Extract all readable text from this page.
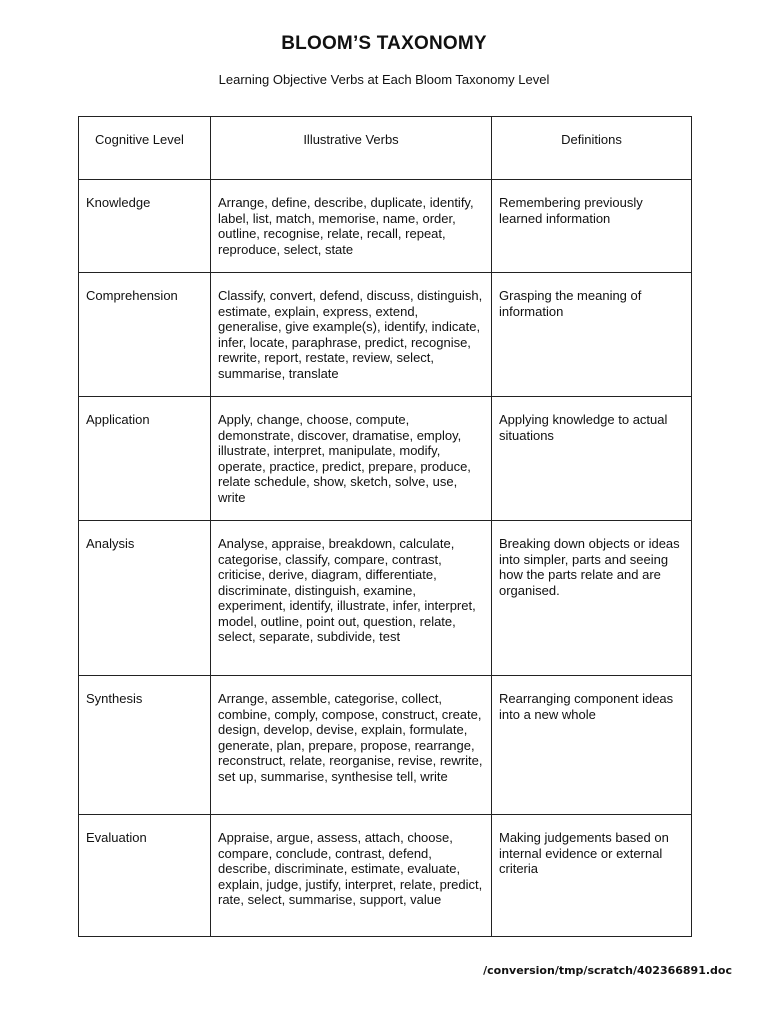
BLOOM’S TAXONOMY
Learning Objective Verbs at Each Bloom Taxonomy Level
Cognitive Level	Illustrative Verbs	Definitions
Knowledge	Arrange, define, describe, duplicate, identify, label, list, match, memorise, name, order, outline, recognise, relate, recall, repeat, reproduce, select, state	Remembering previously learned information
Comprehension	Classify, convert, defend, discuss, distinguish, estimate, explain, express, extend, generalise, give example(s), identify, indicate, infer, locate, paraphrase, predict, recognise, rewrite, report, restate, review, select, summarise, translate	Grasping the meaning of information
Application	Apply, change, choose, compute, demonstrate, discover, dramatise, employ, illustrate, interpret, manipulate, modify, operate, practice, predict, prepare, produce, relate schedule, show, sketch, solve, use, write	Applying knowledge to actual situations
Analysis	Analyse, appraise, breakdown, calculate, categorise, classify, compare, contrast, criticise, derive, diagram, differentiate, discriminate, distinguish, examine, experiment, identify, illustrate, infer, interpret, model, outline, point out, question, relate, select, separate, subdivide, test	Breaking down objects or ideas into simpler, parts and seeing how the parts relate and are organised.
Synthesis	Arrange, assemble, categorise, collect, combine, comply, compose, construct, create, design, develop, devise, explain, formulate, generate, plan, prepare, propose, rearrange, reconstruct, relate, reorganise, revise, rewrite, set up, summarise, synthesise tell, write	Rearranging component ideas into a new whole
Evaluation	Appraise, argue, assess, attach, choose, compare, conclude, contrast, defend, describe, discriminate, estimate, evaluate, explain, judge, justify, interpret, relate, predict, rate, select, summarise, support, value	Making judgements based on internal evidence or external criteria
/conversion/tmp/scratch/402366891.doc
